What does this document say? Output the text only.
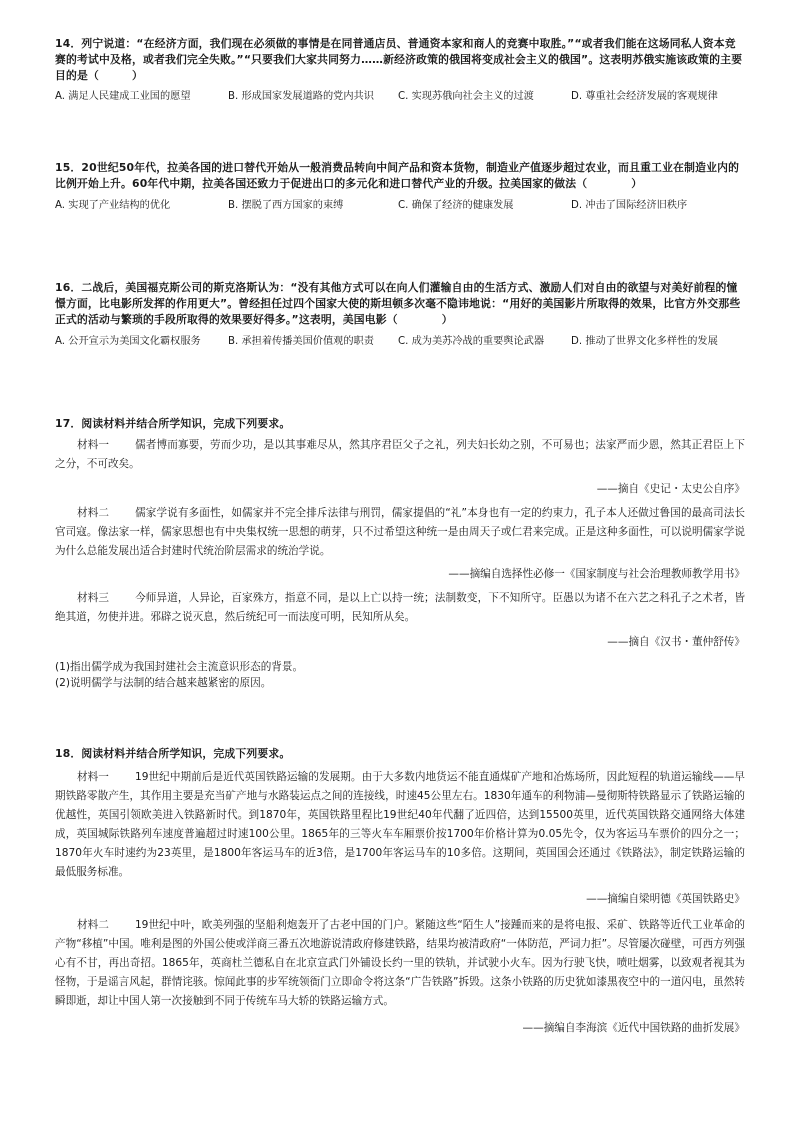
14．列宁说道：“在经济方面，我们现在必须做的事情是在同普通店员、普通资本家和商人的竞赛中取胜。”“或者我们能在这场同私人资本竞赛的考试中及格，或者我们完全失败。”“只要我们大家共同努力……新经济政策的俄国将变成社会主义的俄国”。这表明苏俄实施该政策的主要目的是（　　　）
A. 满足人民建成工业国的愿望	B. 形成国家发展道路的党内共识	C. 实现苏俄向社会主义的过渡	D. 尊重社会经济发展的客观规律
15．20世纪50年代，拉美各国的进口替代开始从一般消费品转向中间产品和资本货物，制造业产值逐步超过农业，而且重工业在制造业内的比例开始上升。60年代中期，拉美各国还致力于促进出口的多元化和进口替代产业的升级。拉美国家的做法（　　　　）
A. 实现了产业结构的优化	B. 摆脱了西方国家的束缚	C. 确保了经济的健康发展	D. 冲击了国际经济旧秩序
16．二战后，美国福克斯公司的斯克洛斯认为：“没有其他方式可以在向人们灌输自由的生活方式、激励人们对自由的欲望与对美好前程的憧憬方面，比电影所发挥的作用更大”。曾经担任过四个国家大使的斯坦顿多次毫不隐讳地说：“用好的美国影片所取得的效果，比官方外交那些正式的活动与繁琐的手段所取得的效果要好得多。”这表明，美国电影（　　　　）
A. 公开宣示为美国文化霸权服务	B. 承担着传播美国价值观的职责	C. 成为美苏冷战的重要舆论武器	D. 推动了世界文化多样性的发展
17．阅读材料并结合所学知识，完成下列要求。
材料一 儒者博而寡要，劳而少功，是以其事难尽从，然其序君臣父子之礼，列夫妇长幼之别，不可易也；法家严而少恩，然其正君臣上下之分，不可改矣。
——摘自《史记・太史公自序》
材料二 儒家学说有多面性，如儒家并不完全排斥法律与刑罚，儒家提倡的“礼”本身也有一定的约束力，孔子本人还做过鲁国的最高司法长官司寇。像法家一样，儒家思想也有中央集权统一思想的萌芽，只不过希望这种统一是由周天子或仁君来完成。正是这种多面性，可以说明儒家学说为什么总能发展出适合封建时代统治阶层需求的统治学说。
——摘编自选择性必修一《国家制度与社会治理教师教学用书》
材料三 今师异道，人异论，百家殊方，指意不同，是以上亡以持一统；法制数变，下不知所守。臣愚以为诸不在六艺之科孔子之术者，皆绝其道，勿使并进。邪辟之说灭息，然后统纪可一而法度可明，民知所从矣。
——摘自《汉书・董仲舒传》
(1)指出儒学成为我国封建社会主流意识形态的背景。
(2)说明儒学与法制的结合越来越紧密的原因。
18．阅读材料并结合所学知识，完成下列要求。
材料一 19世纪中期前后是近代英国铁路运输的发展期。由于大多数内地货运不能直通煤矿产地和冶炼场所，因此短程的轨道运输线——早期铁路零散产生，其作用主要是充当矿产地与水路装运点之间的连接线，时速45公里左右。1830年通车的利物浦—曼彻斯特铁路显示了铁路运输的优越性，英国引领欧美进入铁路新时代。到1870年，英国铁路里程比19世纪40年代翻了近四倍，达到15500英里，近代英国铁路交通网络大体建成，英国城际铁路列车速度普遍超过时速100公里。1865年的三等火车车厢票价按1700年价格计算为0.05先令，仅为客运马车票价的四分之一；1870年火车时速约为23英里，是1800年客运马车的近3倍，是1700年客运马车的10多倍。这期间，英国国会还通过《铁路法》，制定铁路运输的最低服务标准。
——摘编自梁明德《英国铁路史》
材料二 19世纪中叶，欧美列强的坚船利炮轰开了古老中国的门户。紧随这些“陌生人”接踵而来的是将电报、采矿、铁路等近代工业革命的产物“移植”中国。唯利是图的外国公使或洋商三番五次地游说清政府修建铁路，结果均被清政府“一体防范，严词力拒”。尽管屡次碰壁，可西方列强心有不甘，再出奇招。1865年，英商杜兰德私自在北京宣武门外铺设长约一里的铁轨，并试驶小火车。因为行驶飞快，喷吐烟雾，以致观者视其为怪物，于是谣言风起，群情诧骇。惊闻此事的步军统领衙门立即命令将这条“广告铁路”拆毁。这条小铁路的历史犹如漆黑夜空中的一道闪电，虽然转瞬即逝，却让中国人第一次接触到不同于传统车马大轿的铁路运输方式。
——摘编自李海滨《近代中国铁路的曲折发展》
